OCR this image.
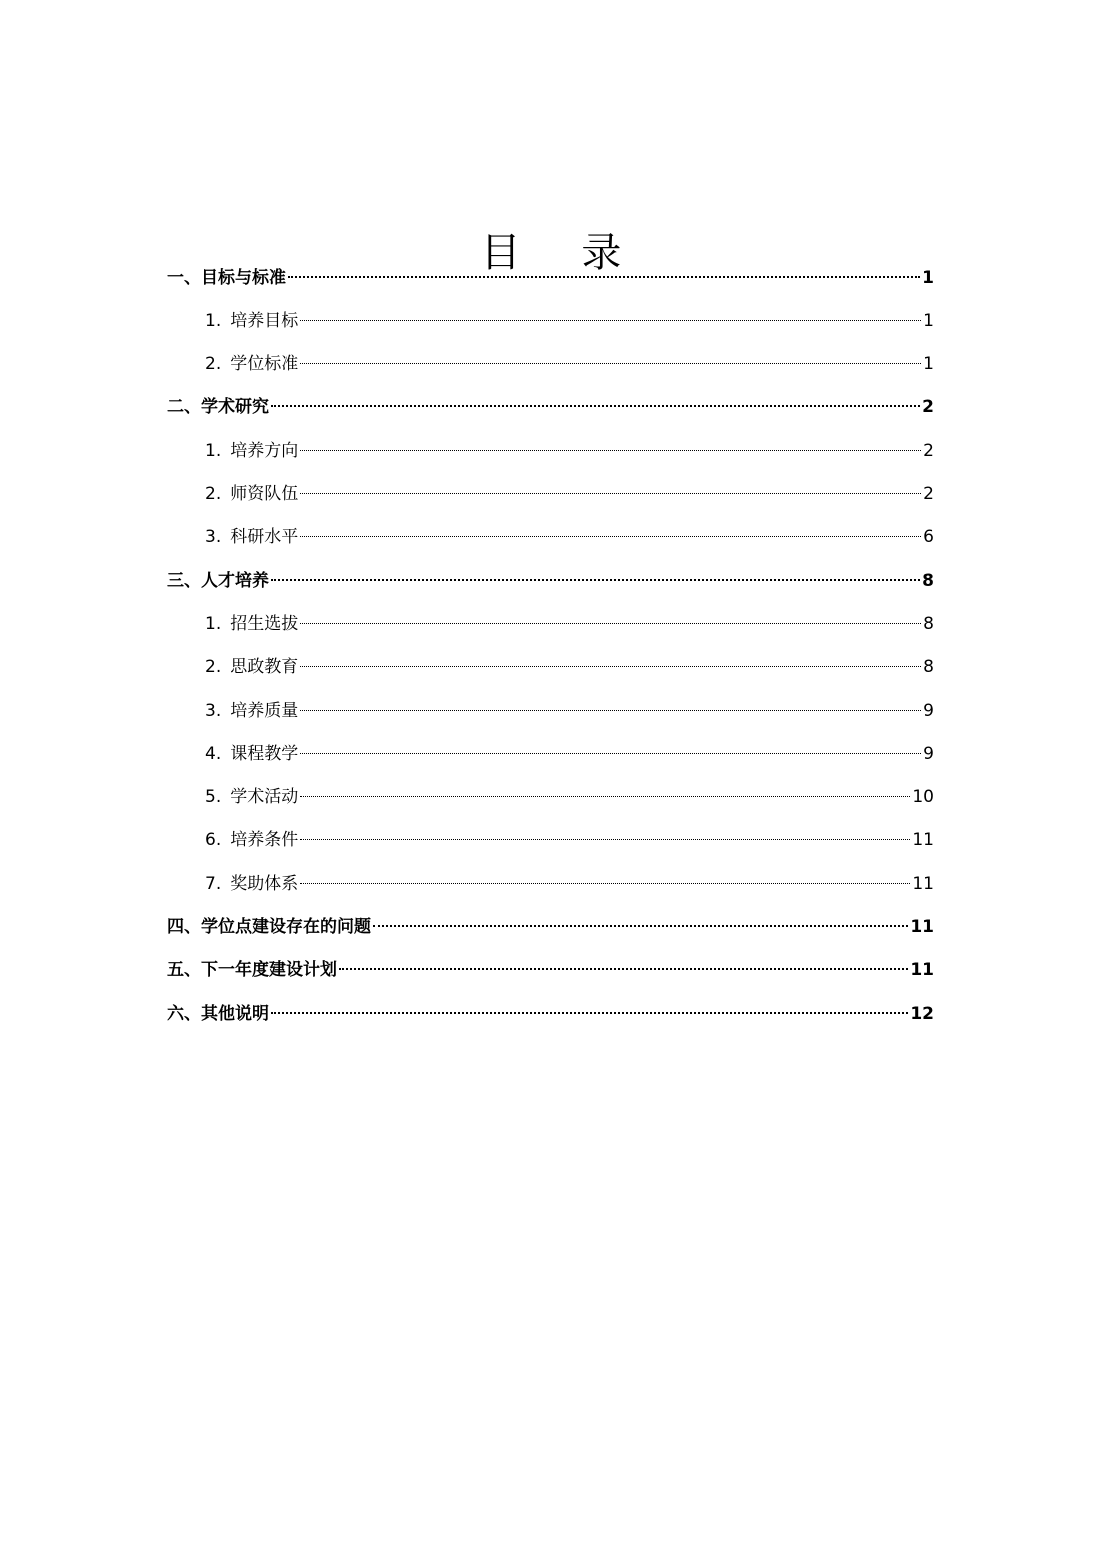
目 录
一、 目标与标准	1
1. 培养目标	1
2. 学位标准	1
二、 学术研究	2
1. 培养方向	2
2. 师资队伍	2
3. 科研水平	6
三、 人才培养	8
1. 招生选拔	8
2. 思政教育	8
3. 培养质量	9
4. 课程教学	9
5. 学术活动	10
6. 培养条件	11
7. 奖助体系	11
四、 学位点建设存在的问题	11
五、 下一年度建设计划	11
六、 其他说明	12
